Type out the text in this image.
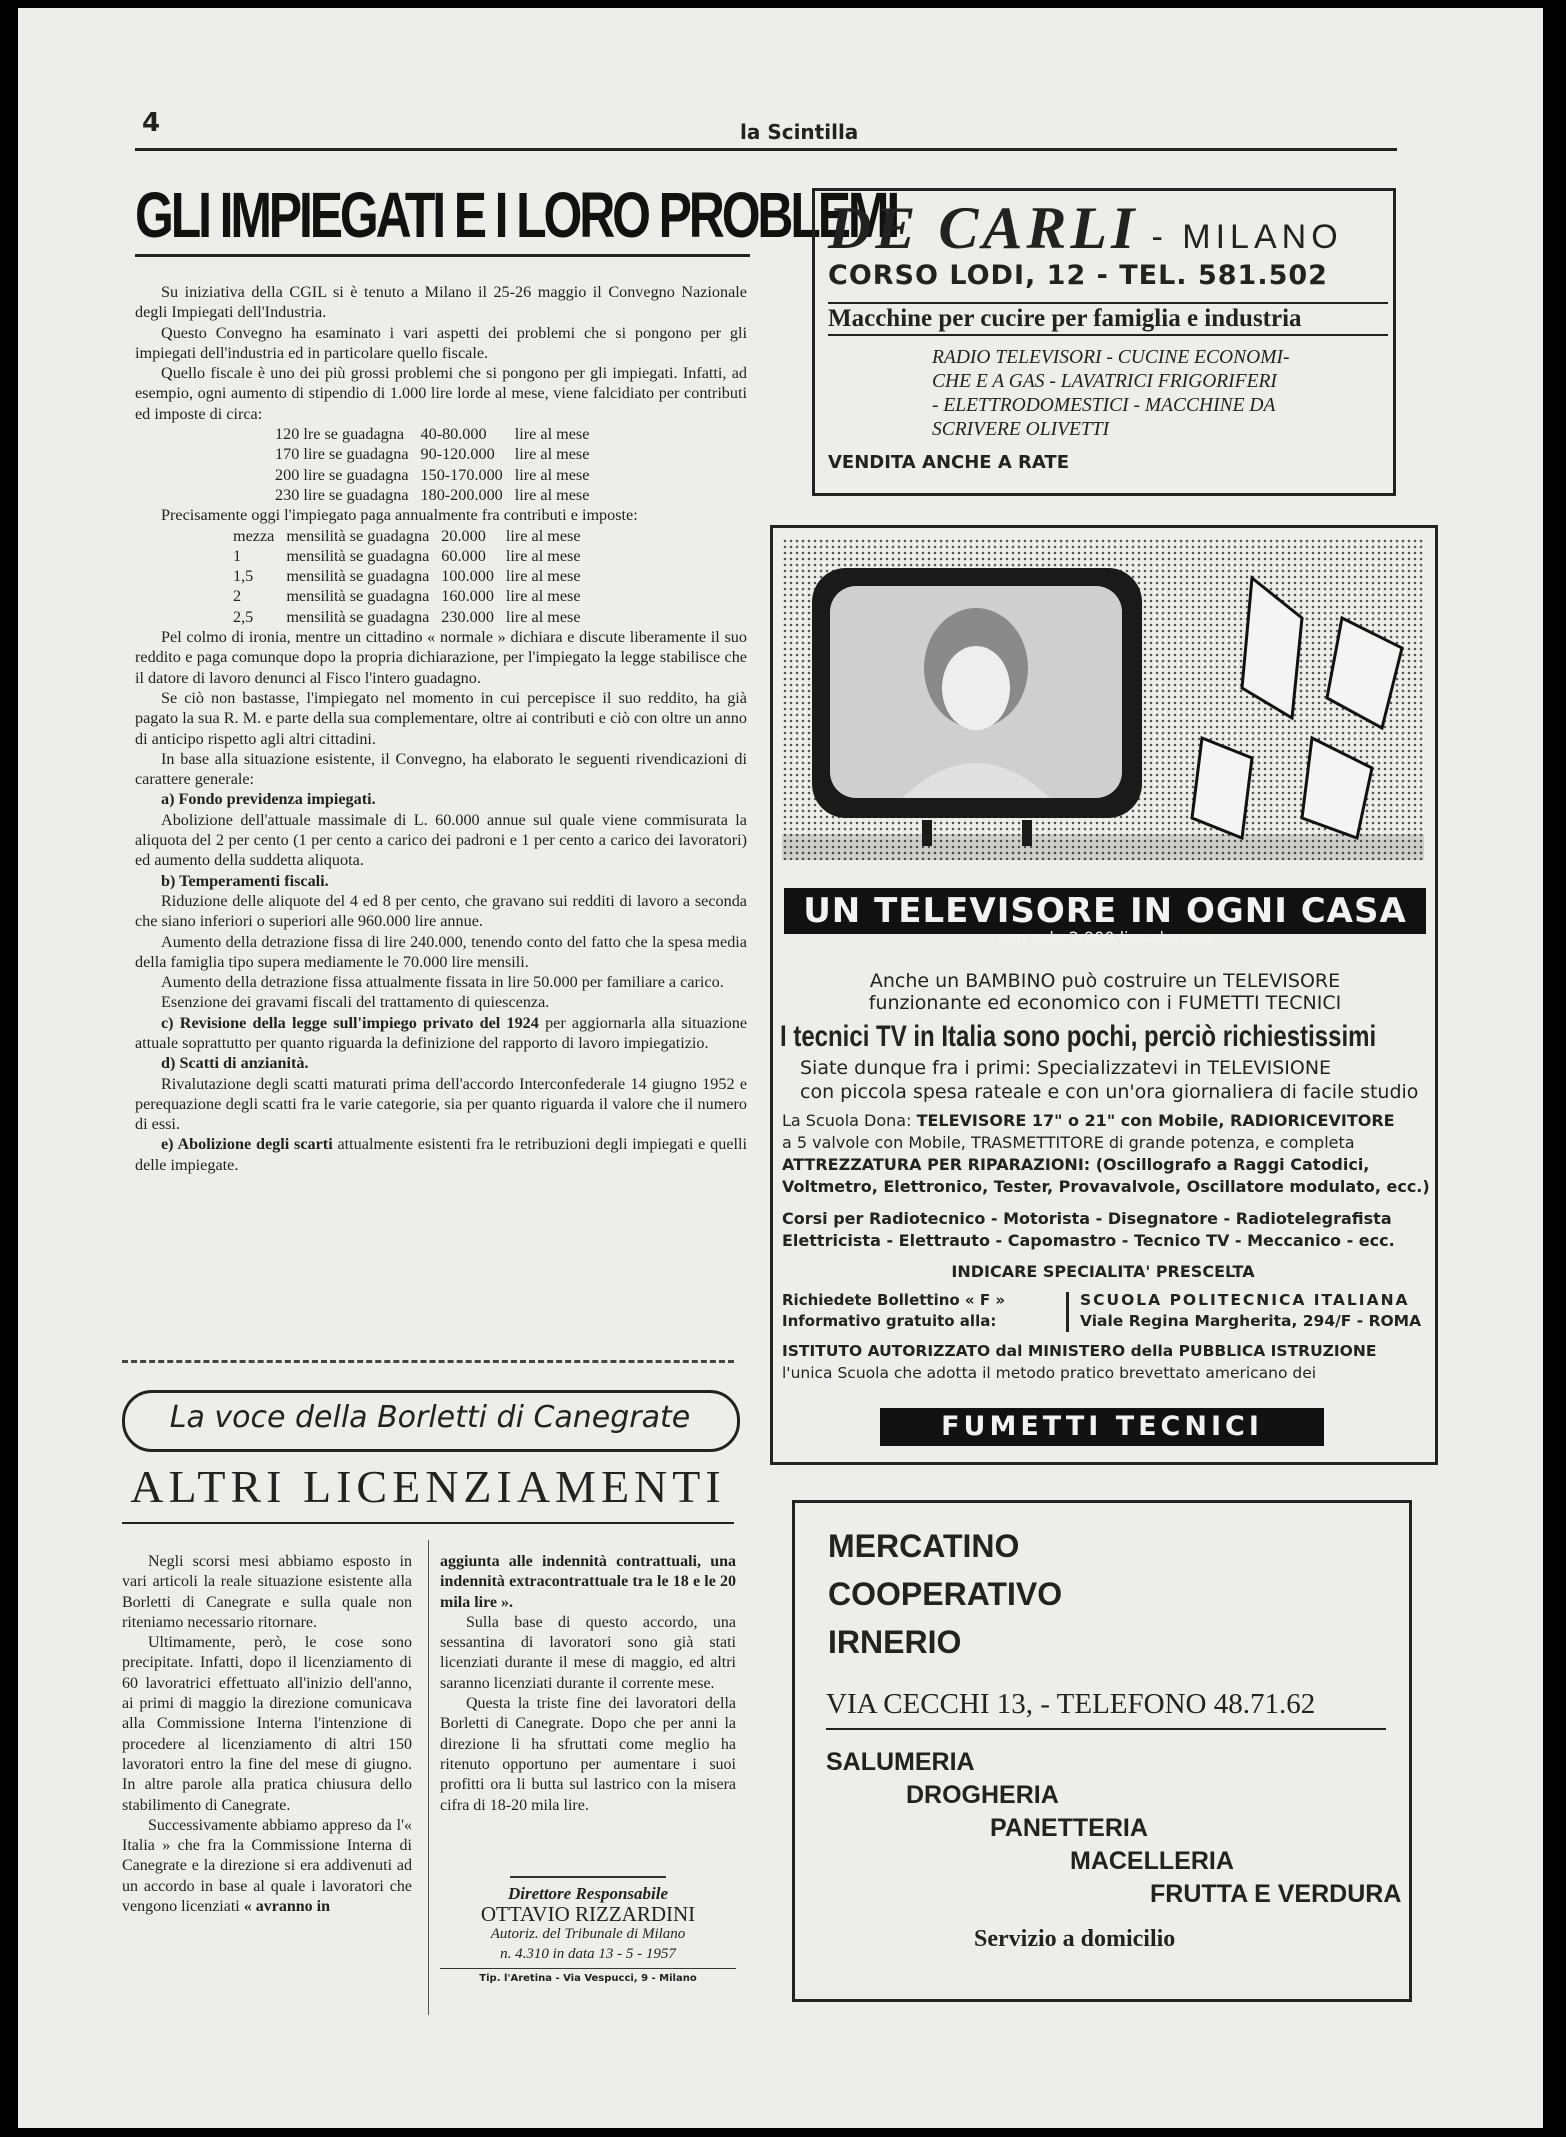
4	la Scintilla
GLI IMPIEGATI E I LORO PROBLEMI

Su iniziativa della CGIL si è tenuto a Milano il 25-26 maggio il Convegno Nazionale degli Impiegati dell'Industria.

Questo Convegno ha esaminato i vari aspetti dei problemi che si pongono per gli impiegati dell'industria ed in particolare quello fiscale.

Quello fiscale è uno dei più grossi problemi che si pongono per gli impiegati. Infatti, ad esempio, ogni aumento di stipendio di 1.000 lire lorde al mese, viene falcidiato per contributi ed imposte di circa:

120 lre se guadagna	40-80.000	lire al mese
170 lire se guadagna	90-120.000	lire al mese
200 lire se guadagna	150-170.000	lire al mese
230 lire se guadagna	180-200.000	lire al mese

Precisamente oggi l'impiegato paga annualmente fra contributi e imposte:

mezza	mensilità se guadagna	20.000	lire al mese
1	mensilità se guadagna	60.000	lire al mese
1,5	mensilità se guadagna	100.000	lire al mese
2	mensilità se guadagna	160.000	lire al mese
2,5	mensilità se guadagna	230.000	lire al mese

Pel colmo di ironia, mentre un cittadino « normale » dichiara e discute liberamente il suo reddito e paga comunque dopo la propria dichiarazione, per l'impiegato la legge stabilisce che il datore di lavoro denunci al Fisco l'intero guadagno.

Se ciò non bastasse, l'impiegato nel momento in cui percepisce il suo reddito, ha già pagato la sua R. M. e parte della sua complementare, oltre ai contributi e ciò con oltre un anno di anticipo rispetto agli altri cittadini.

In base alla situazione esistente, il Convegno, ha elaborato le seguenti rivendicazioni di carattere generale:

a) Fondo previdenza impiegati.

Abolizione dell'attuale massimale di L. 60.000 annue sul quale viene commisurata la aliquota del 2 per cento (1 per cento a carico dei padroni e 1 per cento a carico dei lavoratori) ed aumento della suddetta aliquota.

b) Temperamenti fiscali.

Riduzione delle aliquote del 4 ed 8 per cento, che gravano sui redditi di lavoro a seconda che siano inferiori o superiori alle 960.000 lire annue.

Aumento della detrazione fissa di lire 240.000, tenendo conto del fatto che la spesa media della famiglia tipo supera mediamente le 70.000 lire mensili.

Aumento della detrazione fissa attualmente fissata in lire 50.000 per familiare a carico.

Esenzione dei gravami fiscali del trattamento di quiescenza.

c) Revisione della legge sull'impiego privato del 1924 per aggiornarla alla situazione attuale soprattutto per quanto riguarda la definizione del rapporto di lavoro impiegatizio.

d) Scatti di anzianità.

Rivalutazione degli scatti maturati prima dell'accordo Interconfederale 14 giugno 1952 e perequazione degli scatti fra le varie categorie, sia per quanto riguarda il valore che il numero di essi.

e) Abolizione degli scarti attualmente esistenti fra le retribuzioni degli impiegati e quelli delle impiegate.

La voce della Borletti di Canegrate
ALTRI LICENZIAMENTI

Negli scorsi mesi abbiamo esposto in vari articoli la reale situazione esistente alla Borletti di Canegrate e sulla quale non riteniamo necessario ritornare.

Ultimamente, però, le cose sono precipitate. Infatti, dopo il licenziamento di 60 lavoratrici effettuato all'inizio dell'anno, ai primi di maggio la direzione comunicava alla Commissione Interna l'intenzione di procedere al licenziamento di altri 150 lavoratori entro la fine del mese di giugno. In altre parole alla pratica chiusura dello stabilimento di Canegrate.

Successivamente abbiamo appreso da l'« Italia » che fra la Commissione Interna di Canegrate e la direzione si era addivenuti ad un accordo in base al quale i lavoratori che vengono licenziati « avranno in

aggiunta alle indennità contrattuali, una indennità extracontrattuale tra le 18 e le 20 mila lire ».

Sulla base di questo accordo, una sessantina di lavoratori sono già stati licenziati durante il mese di maggio, ed altri saranno licenziati durante il corrente mese.

Questa la triste fine dei lavoratori della Borletti di Canegrate. Dopo che per anni la direzione li ha sfruttati come meglio ha ritenuto opportuno per aumentare i suoi profitti ora li butta sul lastrico con la misera cifra di 18-20 mila lire.

Direttore Responsabile
OTTAVIO RIZZARDINI
Autoriz. del Tribunale di Milano
n. 4.310 in data 13 - 5 - 1957
Tip. l'Aretina - Via Vespucci, 9 - Milano
DE CARLI - MILANO
CORSO LODI, 12 - TEL. 581.502
Macchine per cucire per famiglia e industria
RADIO TELEVISORI - CUCINE ECONOMI-
CHE E A GAS - LAVATRICI FRIGORIFERI
- ELETTRODOMESTICI - MACCHINE DA
SCRIVERE OLIVETTI
VENDITA ANCHE A RATE
UN TELEVISORE IN OGNI CASA
con sole 2.900 lire al mese
Anche un BAMBINO può costruire un TELEVISORE
funzionante ed economico con i FUMETTI TECNICI
I tecnici TV in Italia sono pochi, perciò richiestissimi
Siate dunque fra i primi: Specializzatevi in TELEVISIONE
con piccola spesa rateale e con un'ora giornaliera di facile studio
La Scuola Dona: TELEVISORE 17" o 21" con Mobile, RADIORICEVITORE
a 5 valvole con Mobile, TRASMETTITORE di grande potenza, e completa
ATTREZZATURA PER RIPARAZIONI: (Oscillografo a Raggi Catodici,
Voltmetro, Elettronico, Tester, Provavalvole, Oscillatore modulato, ecc.)
Corsi per Radiotecnico - Motorista - Disegnatore - Radiotelegrafista
Elettricista - Elettrauto - Capomastro - Tecnico TV - Meccanico - ecc.
INDICARE SPECIALITA' PRESCELTA
Richiedete Bollettino « F »
Informativo gratuito alla:
SCUOLA POLITECNICA ITALIANA
Viale Regina Margherita, 294/F - ROMA
ISTITUTO AUTORIZZATO dal MINISTERO della PUBBLICA ISTRUZIONE
l'unica Scuola che adotta il metodo pratico brevettato americano dei
FUMETTI TECNICI
MERCATINO
COOPERATIVO
IRNERIO
VIA CECCHI 13, - TELEFONO 48.71.62
SALUMERIA
DROGHERIA
PANETTERIA
MACELLERIA
FRUTTA E VERDURA
Servizio a domicilio
